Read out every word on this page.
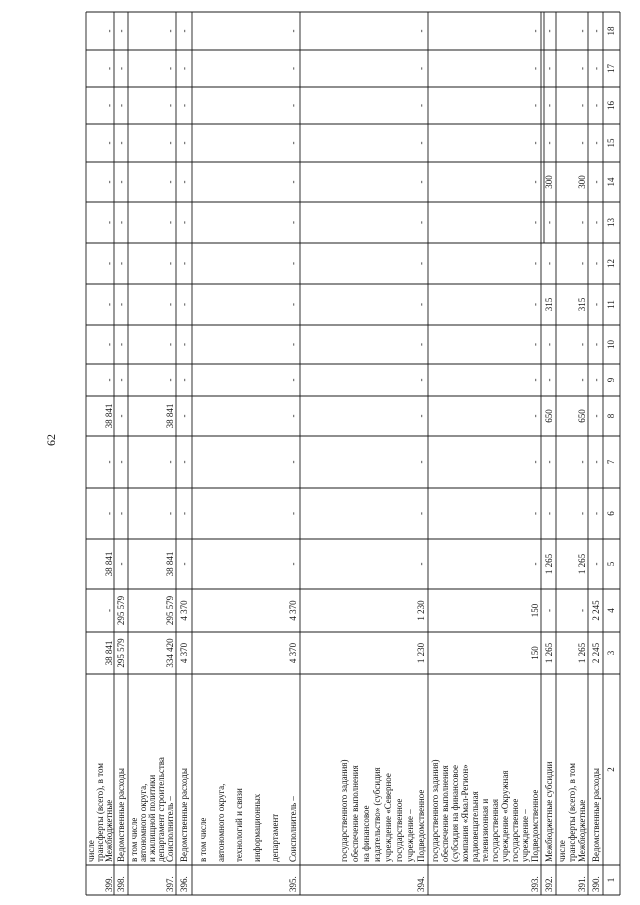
62
1
2
3
4
5
6
7
8
9
10
11
12
13
14
15
16
17
18
390.
Ведомственные расходы
2 245
2 245
-
-
-
-
-
-
-
-
-
-
-
-
-
-
391.
Межбюджетные
трансферты (всего), в том
числе
1 265
-
1 265
-
-
650
-
-
315
-
-
300
-
-
-
-
392.
Межбюджетные субсидии
1 265
-
1 265
-
-
650
-
-
315
-
-
300
-
-
-
-
393.
Подведомственное
учреждение –
государственное
учреждение «Окружная
государственная
телевизионная и
радиовещательная
компания «Ямал-Регион»
(субсидия на финансовое
обеспечение выполнения
государственного задания)
150
150
-
-
-
-
-
-
-
-
-
-
-
-
-
-
394.
Подведомственное
учреждение –
государственное
учреждение «Северное
издательство» (субсидия
на финансовое
обеспечение выполнения
государственного задания)
1 230
1 230
-
-
-
-
-
-
-
-
-
-
-
-
-
-
395.
Соисполнитель –
департамент
информационных
технологий и связи
автономного округа,
в том числе
4 370
4 370
-
-
-
-
-
-
-
-
-
-
-
-
-
-
396.
Ведомственные расходы
4 370
4 370
-
-
-
-
-
-
-
-
-
-
-
-
-
-
397.
Соисполнитель –
департамент строительства
и жилищной политики
автономного округа,
в том числе
334 420
295 579
38 841
-
-
38 841
-
-
-
-
-
-
-
-
-
-
398.
Ведомственные расходы
295 579
295 579
-
-
-
-
-
-
-
-
-
-
-
-
-
-
399.
Межбюджетные
трансферты (всего), в том
числе
38 841
-
38 841
-
-
38 841
-
-
-
-
-
-
-
-
-
-
